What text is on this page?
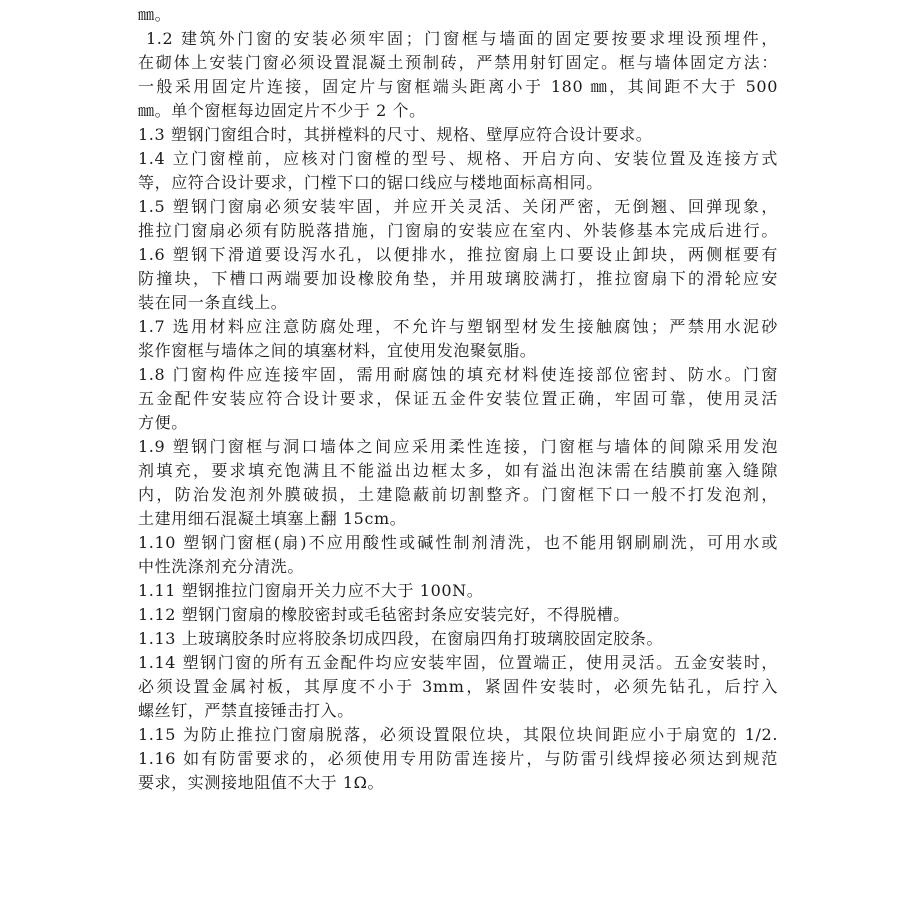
㎜。
1.2 建筑外门窗的安装必须牢固；门窗框与墙面的固定要按要求埋设预埋件，
在砌体上安装门窗必须设置混凝土预制砖，严禁用射钉固定。框与墙体固定方法：
一般采用固定片连接，固定片与窗框端头距离小于 180 ㎜，其间距不大于 500
㎜。单个窗框每边固定片不少于 2 个。
1.3 塑钢门窗组合时，其拼樘料的尺寸、规格、壁厚应符合设计要求。
1.4 立门窗樘前，应核对门窗樘的型号、规格、开启方向、安装位置及连接方式
等，应符合设计要求，门樘下口的锯口线应与楼地面标高相同。
1.5 塑钢门窗扇必须安装牢固，并应开关灵活、关闭严密，无倒翘、回弹现象，
推拉门窗扇必须有防脱落措施，门窗扇的安装应在室内、外装修基本完成后进行。
1.6 塑钢下滑道要设泻水孔，以便排水，推拉窗扇上口要设止卸块，两侧框要有
防撞块，下槽口两端要加设橡胶角垫，并用玻璃胶满打，推拉窗扇下的滑轮应安
装在同一条直线上。
1.7 选用材料应注意防腐处理，不允许与塑钢型材发生接触腐蚀；严禁用水泥砂
浆作窗框与墙体之间的填塞材料，宜使用发泡聚氨脂。
1.8 门窗构件应连接牢固，需用耐腐蚀的填充材料使连接部位密封、防水。门窗
五金配件安装应符合设计要求，保证五金件安装位置正确，牢固可靠，使用灵活
方便。
1.9 塑钢门窗框与洞口墙体之间应采用柔性连接，门窗框与墙体的间隙采用发泡
剂填充，要求填充饱满且不能溢出边框太多，如有溢出泡沫需在结膜前塞入缝隙
内，防治发泡剂外膜破损，土建隐蔽前切割整齐。门窗框下口一般不打发泡剂，
土建用细石混凝土填塞上翻 15cm。
1.10 塑钢门窗框(扇)不应用酸性或碱性制剂清洗，也不能用钢刷刷洗，可用水或
中性洗涤剂充分清洗。
1.11 塑钢推拉门窗扇开关力应不大于 100N。
1.12 塑钢门窗扇的橡胶密封或毛毡密封条应安装完好，不得脱槽。
1.13 上玻璃胶条时应将胶条切成四段，在窗扇四角打玻璃胶固定胶条。
1.14 塑钢门窗的所有五金配件均应安装牢固，位置端正，使用灵活。五金安装时，
必须设置金属衬板，其厚度不小于 3mm，紧固件安装时，必须先钻孔，后拧入
螺丝钉，严禁直接锤击打入。
1.15 为防止推拉门窗扇脱落，必须设置限位块，其限位块间距应小于扇宽的 1/2.
1.16 如有防雷要求的，必须使用专用防雷连接片，与防雷引线焊接必须达到规范
要求，实测接地阻值不大于 1Ω。
